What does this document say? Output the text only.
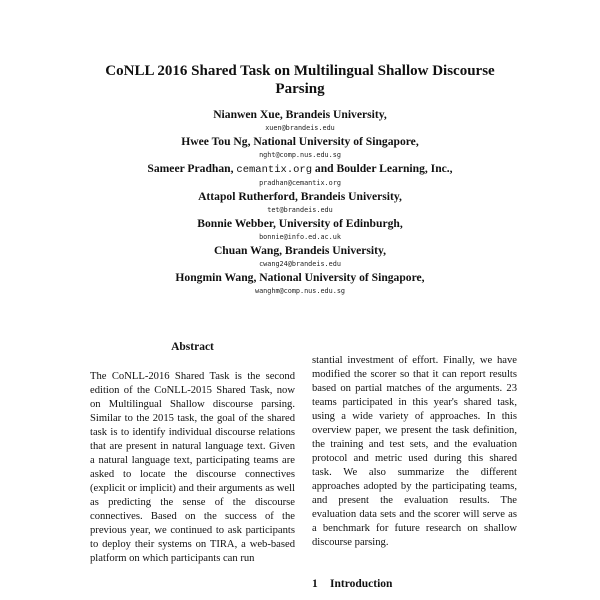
CoNLL 2016 Shared Task on Multilingual Shallow Discourse
Parsing
Nianwen Xue, Brandeis University,
xuen@brandeis.edu
Hwee Tou Ng, National University of Singapore,
nght@comp.nus.edu.sg
Sameer Pradhan, cemantix.org and Boulder Learning, Inc.,
pradhan@cemantix.org
Attapol Rutherford, Brandeis University,
tet@brandeis.edu
Bonnie Webber, University of Edinburgh,
bonnie@info.ed.ac.uk
Chuan Wang, Brandeis University,
cwang24@brandeis.edu
Hongmin Wang, National University of Singapore,
wanghm@comp.nus.edu.sg
Abstract
The CoNLL-2016 Shared Task is the second edition of the CoNLL-2015 Shared Task, now on Multilingual Shallow discourse parsing. Similar to the 2015 task, the goal of the shared task is to identify individual discourse relations that are present in natural language text. Given a natural language text, participating teams are asked to locate the discourse connectives (explicit or implicit) and their arguments as well as predicting the sense of the discourse connectives. Based on the success of the previous year, we continued to ask participants to deploy their systems on TIRA, a web-based platform on which participants can run
stantial investment of effort. Finally, we have modified the scorer so that it can report results based on partial matches of the arguments. 23 teams participated in this year's shared task, using a wide variety of approaches. In this overview paper, we present the task definition, the training and test sets, and the evaluation protocol and metric used during this shared task. We also summarize the different approaches adopted by the participating teams, and present the evaluation results. The evaluation data sets and the scorer will serve as a benchmark for future research on shallow discourse parsing.
1 Introduction
